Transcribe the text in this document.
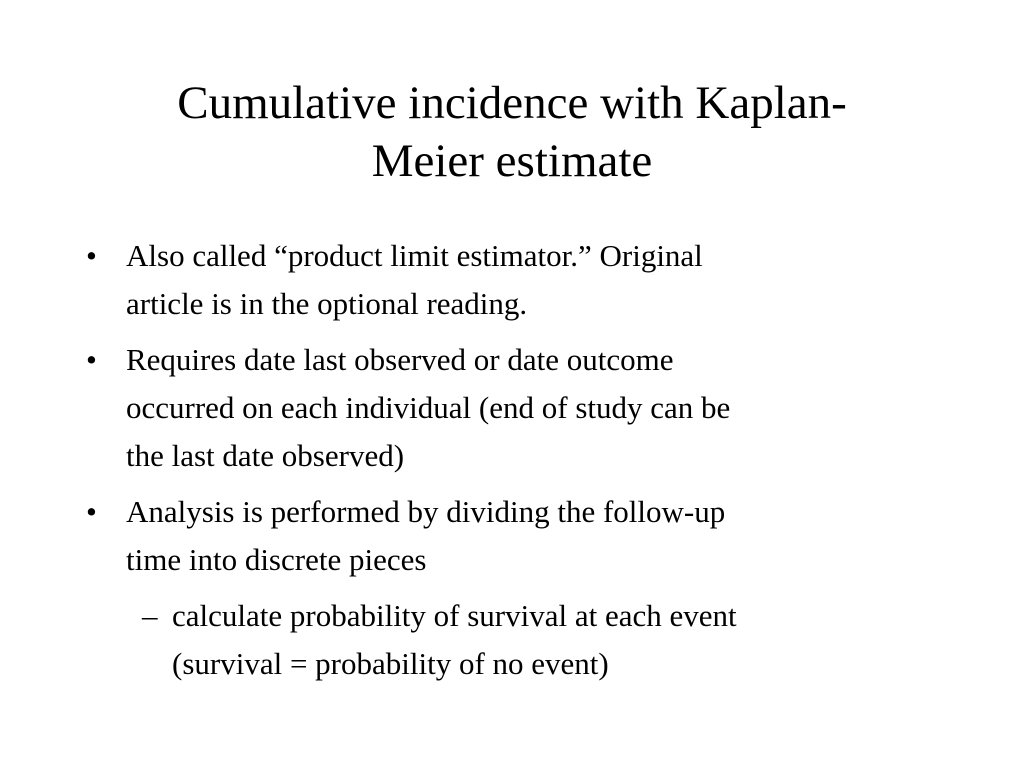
Cumulative incidence with Kaplan-
Meier estimate
• Also called “product limit estimator.” Original
article is in the optional reading.
• Requires date last observed or date outcome
occurred on each individual (end of study can be
the last date observed)
• Analysis is performed by dividing the follow-up
time into discrete pieces
– calculate probability of survival at each event
(survival = probability of no event)
